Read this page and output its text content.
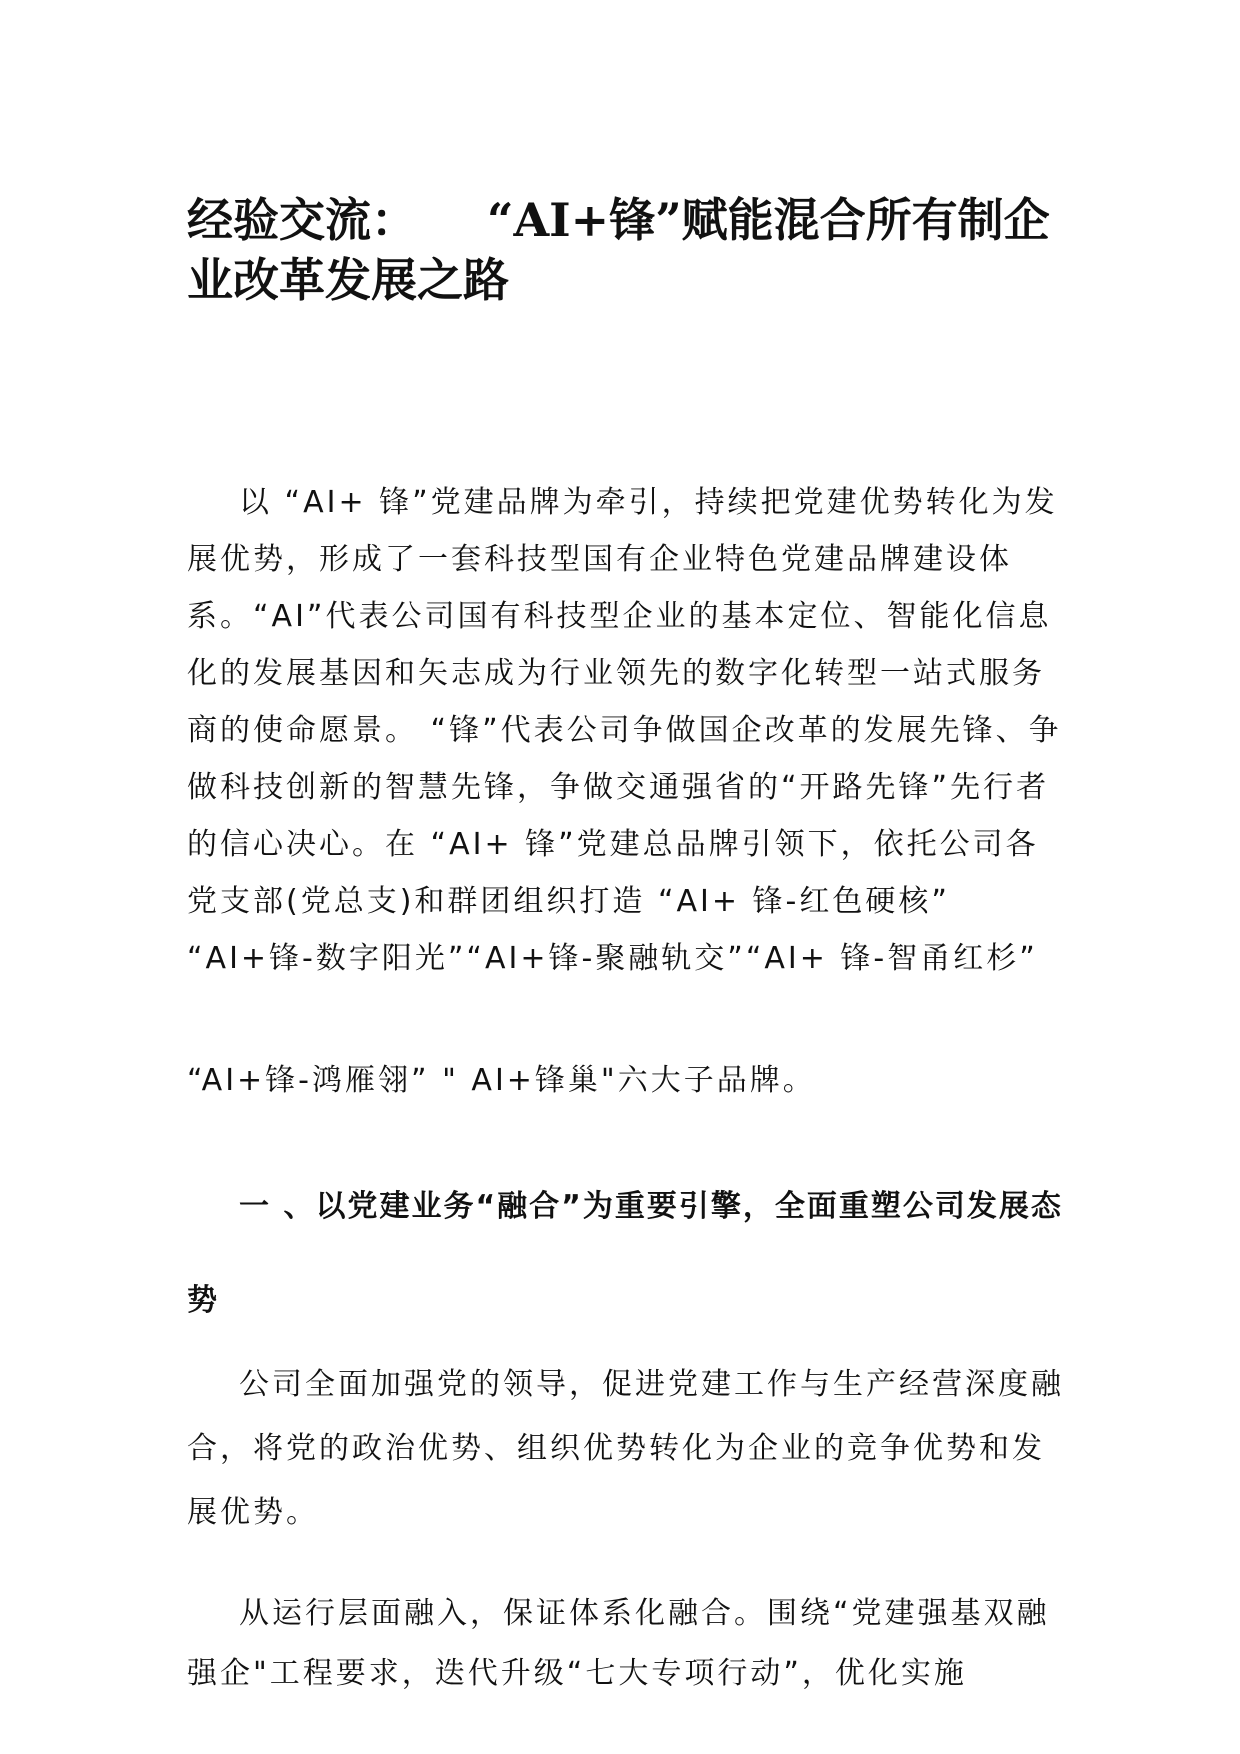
经验交流： “AI+锋”赋能混合所有制企业改革发展之路

以 “AI+ 锋”党建品牌为牵引，持续把党建优势转化为发展优势，形成了一套科技型国有企业特色党建品牌建设体系。“AI”代表公司国有科技型企业的基本定位、智能化信息化的发展基因和矢志成为行业领先的数字化转型一站式服务商的使命愿景。 “锋”代表公司争做国企改革的发展先锋、争做科技创新的智慧先锋，争做交通强省的“开路先锋”先行者的信心决心。在 “AI+ 锋”党建总品牌引领下，依托公司各党支部(党总支)和群团组织打造 “AI+ 锋-红色硬核” “AI+锋-数字阳光”“AI+锋-聚融轨交”“AI+ 锋-智甬红杉”

“AI+锋-鸿雁翎” " AI+锋巢"六大子品牌。

一 、以党建业务“融合”为重要引擎，全面重塑公司发展态势

公司全面加强党的领导，促进党建工作与生产经营深度融合，将党的政治优势、组织优势转化为企业的竞争优势和发展优势。

从运行层面融入，保证体系化融合。围绕“党建强基双融强企"工程要求，迭代升级“七大专项行动”，优化实施
